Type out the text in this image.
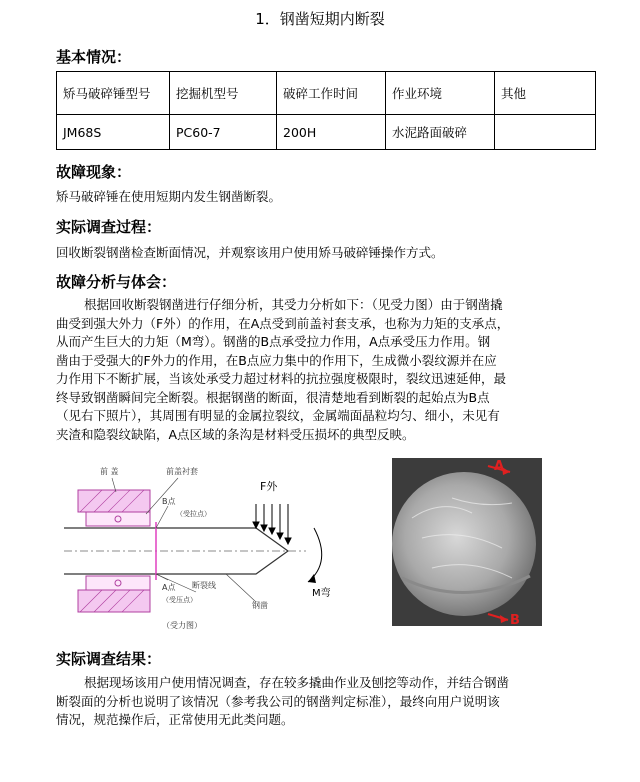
1．钢凿短期内断裂
基本情况：
矫马破碎锤型号	挖掘机型号	破碎工作时间	作业环境	其他
JM68S	PC60-7	200H	水泥路面破碎	
故障现象：
矫马破碎锤在使用短期内发生钢凿断裂。
实际调查过程：
回收断裂钢凿检查断面情况，并观察该用户使用矫马破碎锤操作方式。
故障分析与体会：
根据回收断裂钢凿进行仔细分析，其受力分析如下：（见受力图）由于钢凿撬
曲受到强大外力（F外）的作用，在A点受到前盖衬套支承，也称为力矩的支承点，
从而产生巨大的力矩（M弯）。钢凿的B点承受拉力作用，A点承受压力作用。钢
凿由于受强大的F外力的作用，在B点应力集中的作用下，生成微小裂纹源并在应
力作用下不断扩展，当该处承受力超过材料的抗拉强度极限时，裂纹迅速延伸，最
终导致钢凿瞬间完全断裂。根据钢凿的断面，很清楚地看到断裂的起始点为B点
（见右下照片），其周围有明显的金属拉裂纹，金属端面晶粒均匀、细小，未见有
夹渣和隐裂纹缺陷，A点区域的条沟是材料受压损坏的典型反映。
前 盖	前盖衬套
B点
（受拉点）
F外
A点 断裂线
（受压点）
M弯
钢凿
（受力图）
A
B
实际调查结果：
根据现场该用户使用情况调查，存在较多撬曲作业及刨挖等动作，并结合钢凿
断裂面的分析也说明了该情况（参考我公司的钢凿判定标准），最终向用户说明该
情况，规范操作后，正常使用无此类问题。
